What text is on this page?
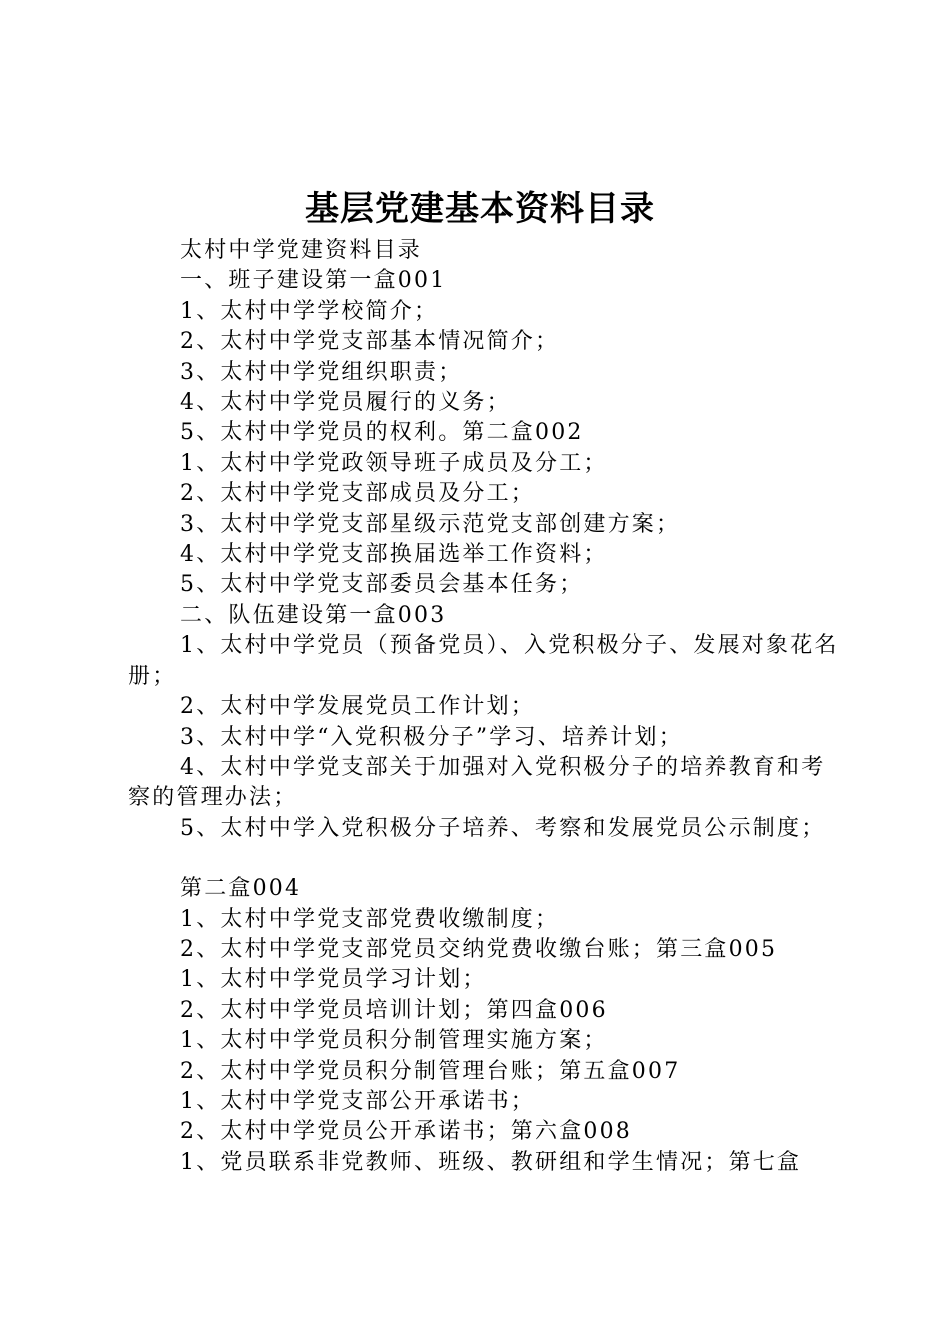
基层党建基本资料目录

太村中学党建资料目录

一、班子建设第一盒001

1、太村中学学校简介；

2、太村中学党支部基本情况简介；

3、太村中学党组织职责；

4、太村中学党员履行的义务；

5、太村中学党员的权利。第二盒002

1、太村中学党政领导班子成员及分工；

2、太村中学党支部成员及分工；

3、太村中学党支部星级示范党支部创建方案；

4、太村中学党支部换届选举工作资料；

5、太村中学党支部委员会基本任务；

二、队伍建设第一盒003

1、太村中学党员（预备党员）、入党积极分子、发展对象花名册；

2、太村中学发展党员工作计划；

3、太村中学“入党积极分子”学习、培养计划；

4、太村中学党支部关于加强对入党积极分子的培养教育和考察的管理办法；

5、太村中学入党积极分子培养、考察和发展党员公示制度；

第二盒004

1、太村中学党支部党费收缴制度；

2、太村中学党支部党员交纳党费收缴台账；第三盒005

1、太村中学党员学习计划；

2、太村中学党员培训计划；第四盒006

1、太村中学党员积分制管理实施方案；

2、太村中学党员积分制管理台账；第五盒007

1、太村中学党支部公开承诺书；

2、太村中学党员公开承诺书；第六盒008

1、党员联系非党教师、班级、教研组和学生情况；第七盒
